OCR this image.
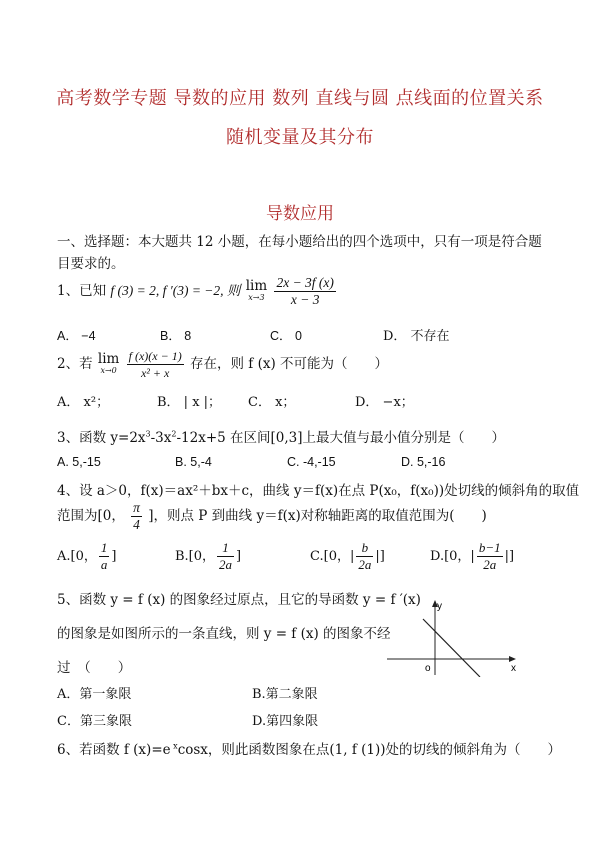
高考数学专题 导数的应用 数列 直线与圆 点线面的位置关系
随机变量及其分布
导数应用
一、选择题：本大题共 12 小题，在每小题给出的四个选项中，只有一项是符合题
目要求的。
1、已知 f (3) = 2, f ′(3) = −2, 则 lim
x→3
$\frac{2x - 3f (x)}{x - 3}$
A． −4	B． 8	C． 0	D． 不存在
2、若 lim
x→0
$\frac{f (x)(x - 1)}{\text{x² + x}}$ 存在，则 f (x) 不可能为（　　）
A． x²；	B． | x |； C． x；	D． −x；
3、函数 $y=2x^3-3x^2-12x+5$ 在区间[0,3]上最大值与最小值分别是（　　）
A. 5,-15	B. 5,-4	C. -4,-15	D. 5,-16
4、设 a＞0，f(x)＝ax²＋bx＋c，曲线 y＝f(x)在点 P(x₀，f(x₀))处切线的倾斜角的取值
范围为[0， $\frac{\pi}{4}$ ]，则点 P 到曲线 y＝f(x)对称轴距离的取值范围为(　　)
A.[0， $\frac{1}{a}$ ]	B.[0， $\frac{1}{2a}$ ]	C.[0，| $\frac{b}{2a}$ |]	D.[0，| $\frac{b-1}{2a}$ |]
5、函数 y = f (x) 的图象经过原点，且它的导函数 y = f ′(x)
的图象是如图所示的一条直线，则 y = f (x) 的图象不经
过　（　　）
y
x
o
A．第一象限	B.第二象限
C．第三象限	D.第四象限
6、若函数 f (x)=e $^x$cosx，则此函数图象在点(1, f (1))处的切线的倾斜角为（　　）
